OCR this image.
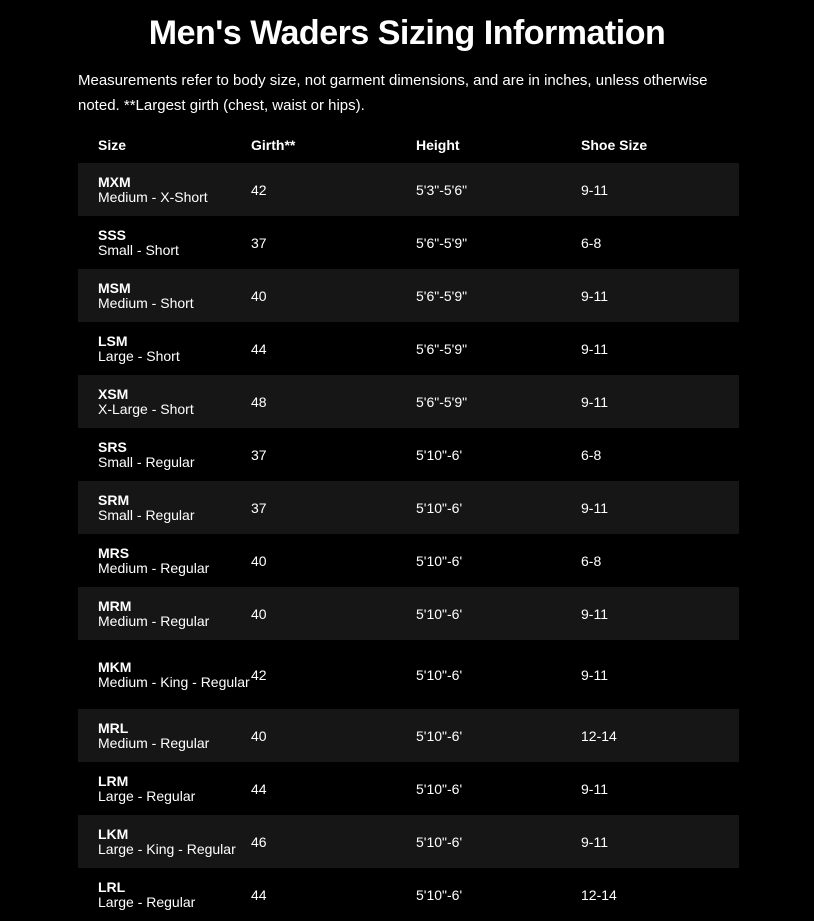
Men's Waders Sizing Information

Measurements refer to body size, not garment dimensions, and are in inches, unless otherwise noted. **Largest girth (chest, waist or hips).

Size	Girth**	Height	Shoe Size

MXM
Medium - X-Short	42	5'3"-5'6"	9-11

SSS
Small - Short	37	5'6"-5'9"	6-8

MSM
Medium - Short	40	5'6"-5'9"	9-11

LSM
Large - Short	44	5'6"-5'9"	9-11

XSM
X-Large - Short	48	5'6"-5'9"	9-11

SRS
Small - Regular	37	5'10"-6'	6-8

SRM
Small - Regular	37	5'10"-6'	9-11

MRS
Medium - Regular	40	5'10"-6'	6-8

MRM
Medium - Regular	40	5'10"-6'	9-11

MKM
Medium - King - Regular	42	5'10"-6'	9-11

MRL
Medium - Regular	40	5'10"-6'	12-14

LRM
Large - Regular	44	5'10"-6'	9-11

LKM
Large - King - Regular	46	5'10"-6'	9-11

LRL
Large - Regular	44	5'10"-6'	12-14
